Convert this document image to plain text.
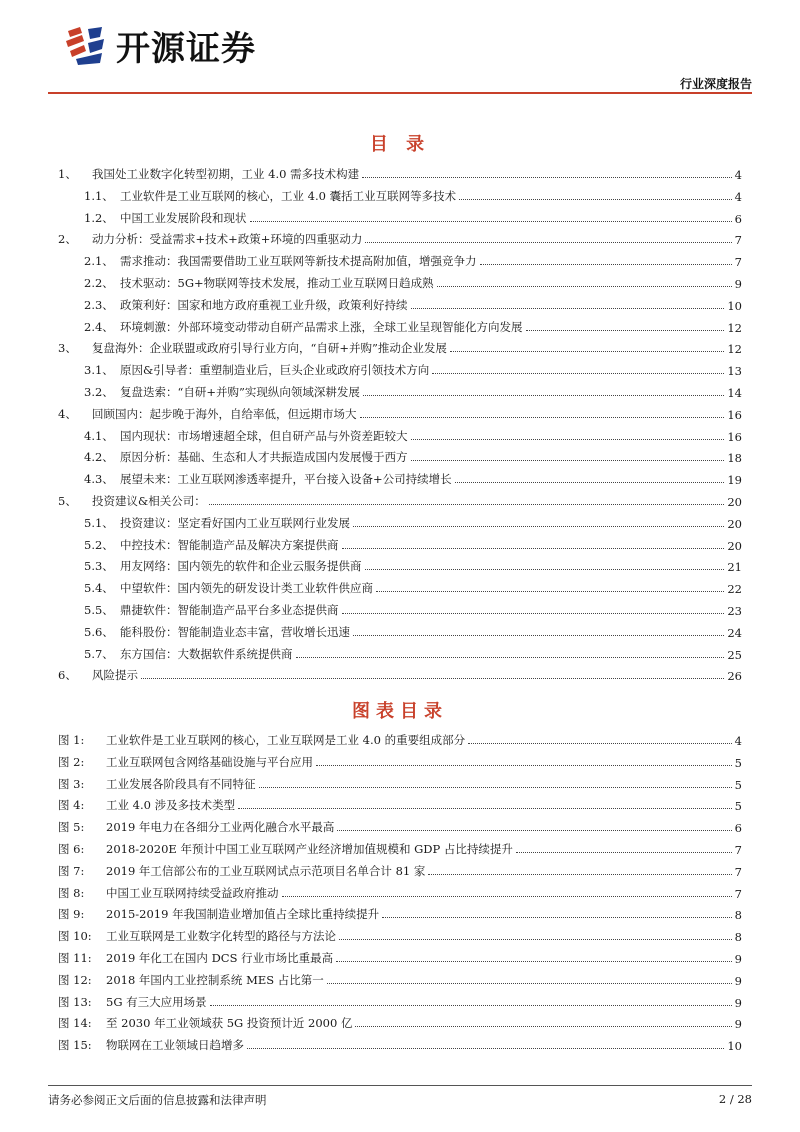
开源证券
行业深度报告
目 录
1、	我国处工业数字化转型初期，工业 4.0 需多技术构建	4
1.1、 工业软件是工业互联网的核心，工业 4.0 囊括工业互联网等多技术	4
1.2、 中国工业发展阶段和现状	6
2、	动力分析：受益需求+技术+政策+环境的四重驱动力	7
2.1、 需求推动：我国需要借助工业互联网等新技术提高附加值，增强竞争力	7
2.2、 技术驱动：5G+物联网等技术发展，推动工业互联网日趋成熟	9
2.3、 政策利好：国家和地方政府重视工业升级，政策利好持续	10
2.4、 环境刺激：外部环境变动带动自研产品需求上涨，全球工业呈现智能化方向发展	12
3、	复盘海外：企业联盟或政府引导行业方向，“自研+并购”推动企业发展	12
3.1、 原因&引导者：重塑制造业后，巨头企业或政府引领技术方向	13
3.2、 复盘迭索：“自研+并购”实现纵向领域深耕发展	14
4、	回顾国内：起步晚于海外，自给率低，但远期市场大	16
4.1、 国内现状：市场增速超全球，但自研产品与外资差距较大	16
4.2、 原因分析：基础、生态和人才共振造成国内发展慢于西方	18
4.3、 展望未来：工业互联网渗透率提升，平台接入设备+公司持续增长	19
5、	投资建议&相关公司：	20
5.1、 投资建议：坚定看好国内工业互联网行业发展	20
5.2、 中控技术：智能制造产品及解决方案提供商	20
5.3、 用友网络：国内领先的软件和企业云服务提供商	21
5.4、 中望软件：国内领先的研发设计类工业软件供应商	22
5.5、 鼎捷软件：智能制造产品平台多业态提供商	23
5.6、 能科股份：智能制造业态丰富，营收增长迅速	24
5.7、 东方国信：大数据软件系统提供商	25
6、	风险提示	26
图表目录
图 1:	工业软件是工业互联网的核心，工业互联网是工业 4.0 的重要组成部分	4
图 2:	工业互联网包含网络基础设施与平台应用	5
图 3:	工业发展各阶段具有不同特征	5
图 4:	工业 4.0 涉及多技术类型	5
图 5:	2019 年电力在各细分工业两化融合水平最高	6
图 6:	2018-2020E 年预计中国工业互联网产业经济增加值规模和 GDP 占比持续提升	7
图 7:	2019 年工信部公布的工业互联网试点示范项目名单合计 81 家	7
图 8:	中国工业互联网持续受益政府推动	7
图 9:	2015-2019 年我国制造业增加值占全球比重持续提升	8
图 10:	工业互联网是工业数字化转型的路径与方法论	8
图 11:	2019 年化工在国内 DCS 行业市场比重最高	9
图 12:	2018 年国内工业控制系统 MES 占比第一	9
图 13:	5G 有三大应用场景	9
图 14:	至 2030 年工业领域获 5G 投资预计近 2000 亿	9
图 15:	物联网在工业领域日趋增多	10
请务必参阅正文后面的信息披露和法律声明	2 / 28
